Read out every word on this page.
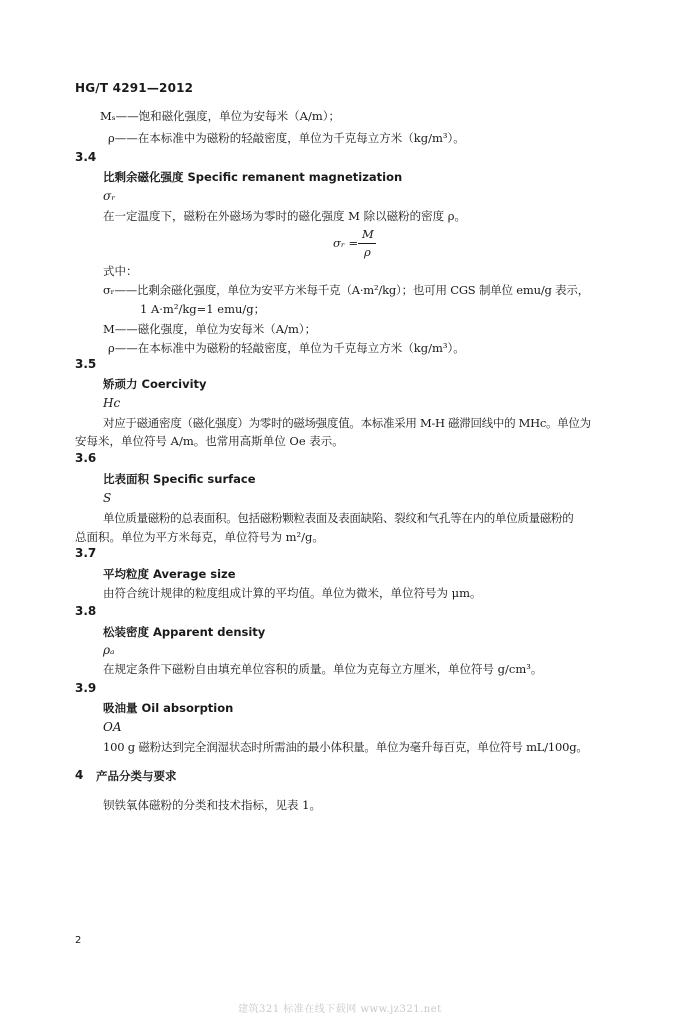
HG/T 4291—2012
Mₛ——饱和磁化强度，单位为安每米（A/m）；
ρ——在本标准中为磁粉的轻敲密度，单位为千克每立方米（kg/m³）。
3.4
比剩余磁化强度 Specific remanent magnetization
σᵣ
在一定温度下，磁粉在外磁场为零时的磁化强度 M 除以磁粉的密度 ρ。
σᵣ =
M
ρ
式中：
σᵣ——比剩余磁化强度，单位为安平方米每千克（A·m²/kg）；也可用 CGS 制单位 emu/g 表示，
1 A·m²/kg=1 emu/g；
M——磁化强度，单位为安每米（A/m）；
ρ——在本标准中为磁粉的轻敲密度，单位为千克每立方米（kg/m³）。
3.5
矫顽力 Coercivity
Hc
对应于磁通密度（磁化强度）为零时的磁场强度值。本标准采用 M-H 磁滞回线中的 MHc。单位为
安每米，单位符号 A/m。也常用高斯单位 Oe 表示。
3.6
比表面积 Specific surface
S
单位质量磁粉的总表面积。包括磁粉颗粒表面及表面缺陷、裂纹和气孔等在内的单位质量磁粉的
总面积。单位为平方米每克，单位符号为 m²/g。
3.7
平均粒度 Average size
由符合统计规律的粒度组成计算的平均值。单位为微米，单位符号为 μm。
3.8
松装密度 Apparent density
ρₐ
在规定条件下磁粉自由填充单位容积的质量。单位为克每立方厘米，单位符号 g/cm³。
3.9
吸油量 Oil absorption
OA
100 g 磁粉达到完全润湿状态时所需油的最小体积量。单位为毫升每百克，单位符号 mL/100g。
4 产品分类与要求
钡铁氧体磁粉的分类和技术指标，见表 1。
2
建筑321 标准在线下载网 www.jz321.net
